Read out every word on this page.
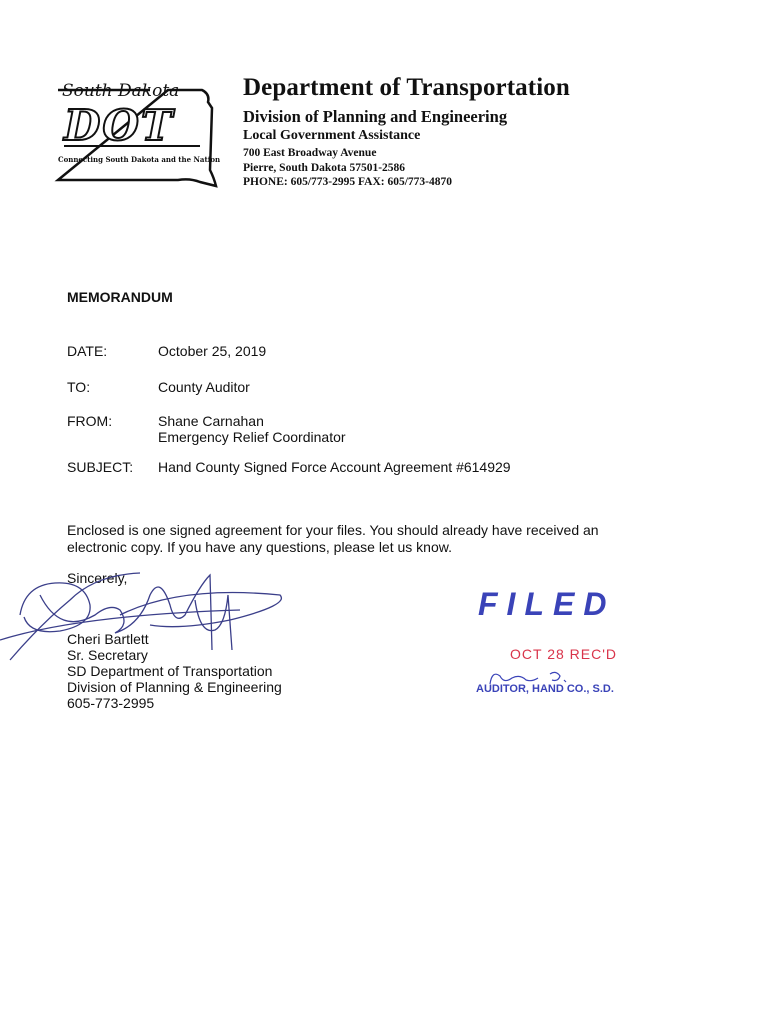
South Dakota
DOT
Connecting South Dakota and the Nation
Department of Transportation
Division of Planning and Engineering
Local Government Assistance
700 East Broadway Avenue
Pierre, South Dakota 57501-2586
PHONE: 605/773-2995 FAX: 605/773-4870
MEMORANDUM
DATE:	October 25, 2019
TO:	County Auditor
FROM:	Shane Carnahan
Emergency Relief Coordinator
SUBJECT: Hand County Signed Force Account Agreement #614929
Enclosed is one signed agreement for your files. You should already have received an
electronic copy. If you have any questions, please let us know.
Sincerely,
Cheri Bartlett
Sr. Secretary
SD Department of Transportation
Division of Planning & Engineering
605-773-2995
FILED
OCT 28 REC'D
AUDITOR, HAND CO., S.D.
